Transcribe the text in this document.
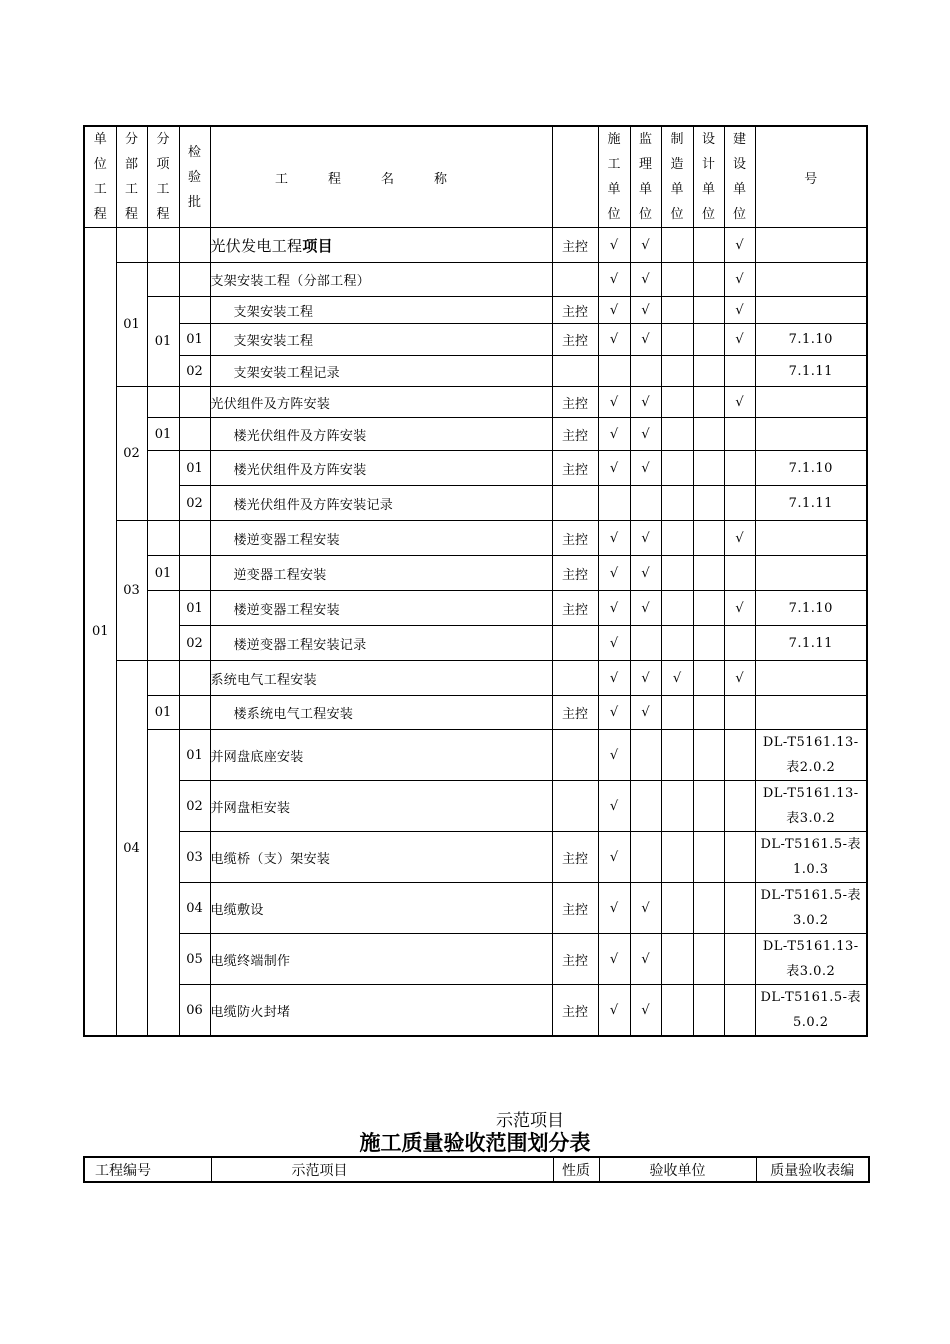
单
位
工
程	分
部
工
程	分
项
工
程	检
验
批	工程名称		施
工
单
位	监
理
单
位	制
造
单
位	设
计
单
位	建
设
单
位	号
01				光伏发电工程项目	主控	√	√			√	
	01			支架安装工程（分部工程）		√	√			√	
		01		支架安装工程	主控	√	√			√	
			01	支架安装工程	主控	√	√			√	7.1.10
			02	支架安装工程记录							7.1.11
	02			光伏组件及方阵安装	主控	√	√			√	
		01		楼光伏组件及方阵安装	主控	√	√				
			01	楼光伏组件及方阵安装	主控	√	√				7.1.10
			02	楼光伏组件及方阵安装记录							7.1.11
	03			楼逆变器工程安装	主控	√	√			√	
		01		逆变器工程安装	主控	√	√				
			01	楼逆变器工程安装	主控	√	√			√	7.1.10
			02	楼逆变器工程安装记录		√					7.1.11
	04			系统电气工程安装		√	√	√		√	
		01		楼系统电气工程安装	主控	√	√				
			01	并网盘底座安装		√					DL-T5161.13-
表2.0.2

			02	并网盘柜安装		√					DL-T5161.13-
表3.0.2

			03	电缆桥（支）架安装	主控	√					DL-T5161.5-表
1.0.3

			04	电缆敷设	主控	√	√				DL-T5161.5-表
3.0.2

			05	电缆终端制作	主控	√	√				DL-T5161.13-
表3.0.2

			06	电缆防火封堵	主控	√	√				DL-T5161.5-表
5.0.2
示范项目
施工质量验收范围划分表
工程编号	示范项目	性质	验收单位	质量验收表编
